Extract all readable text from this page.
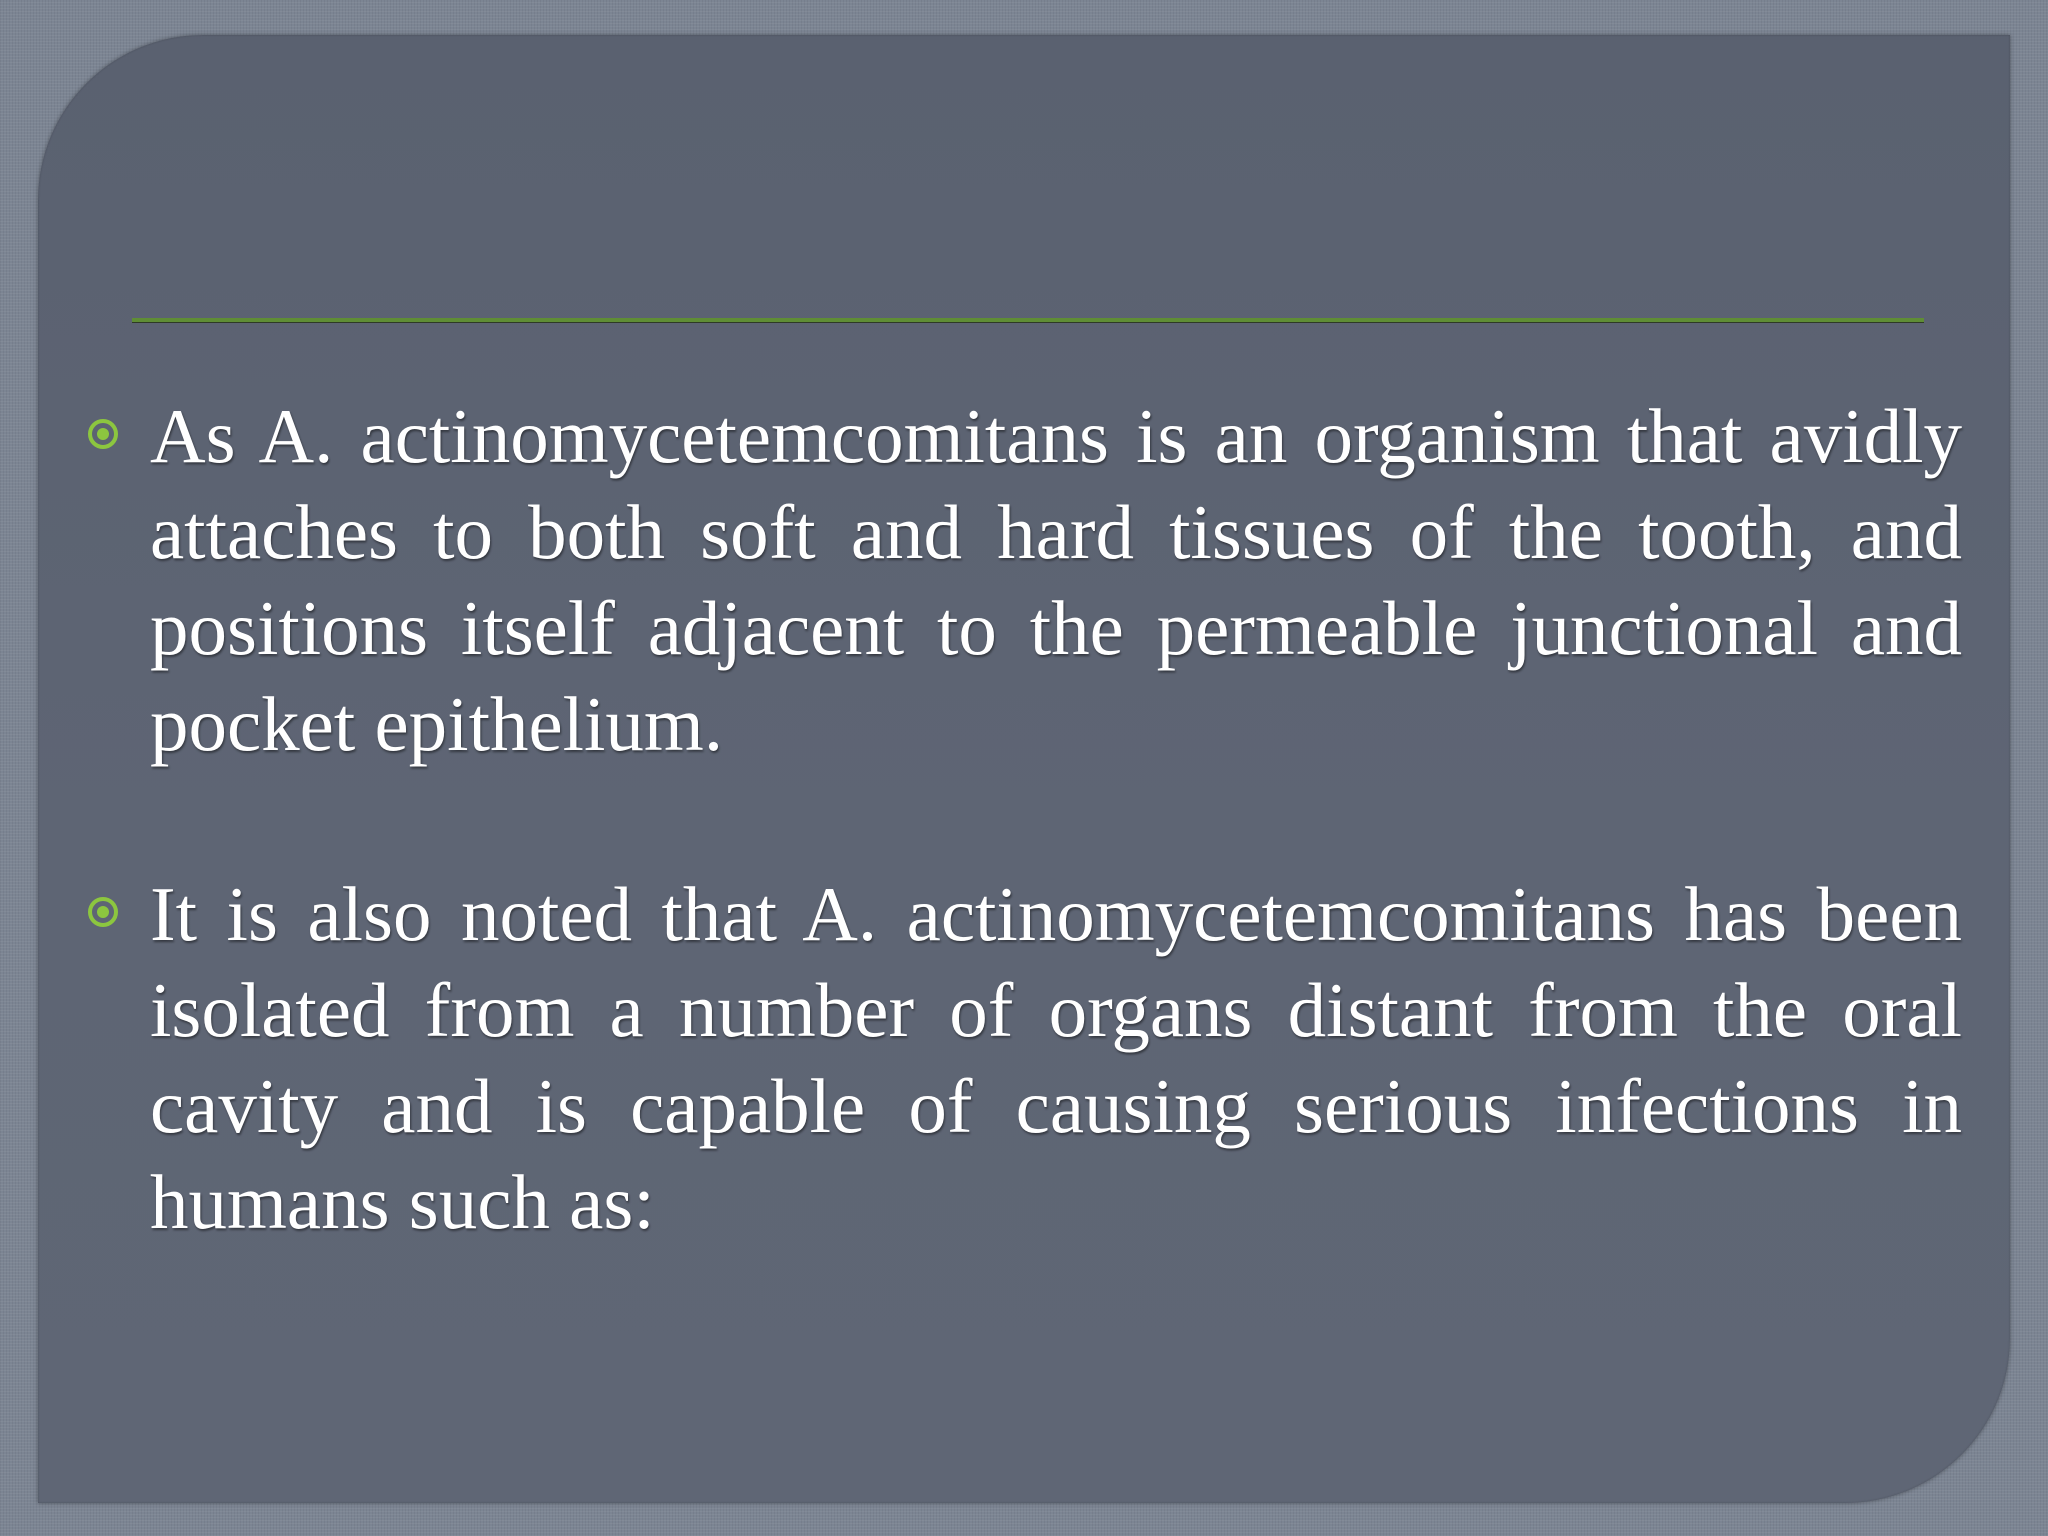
As A. actinomycetemcomitans is an organism that avidly attaches to both soft and hard tissues of the tooth, and positions itself adjacent to the permeable junctional and pocket epithelium.

It is also noted that A. actinomycetemcomitans has been isolated from a number of organs distant from the oral cavity and is capable of causing serious infections in humans such as:
